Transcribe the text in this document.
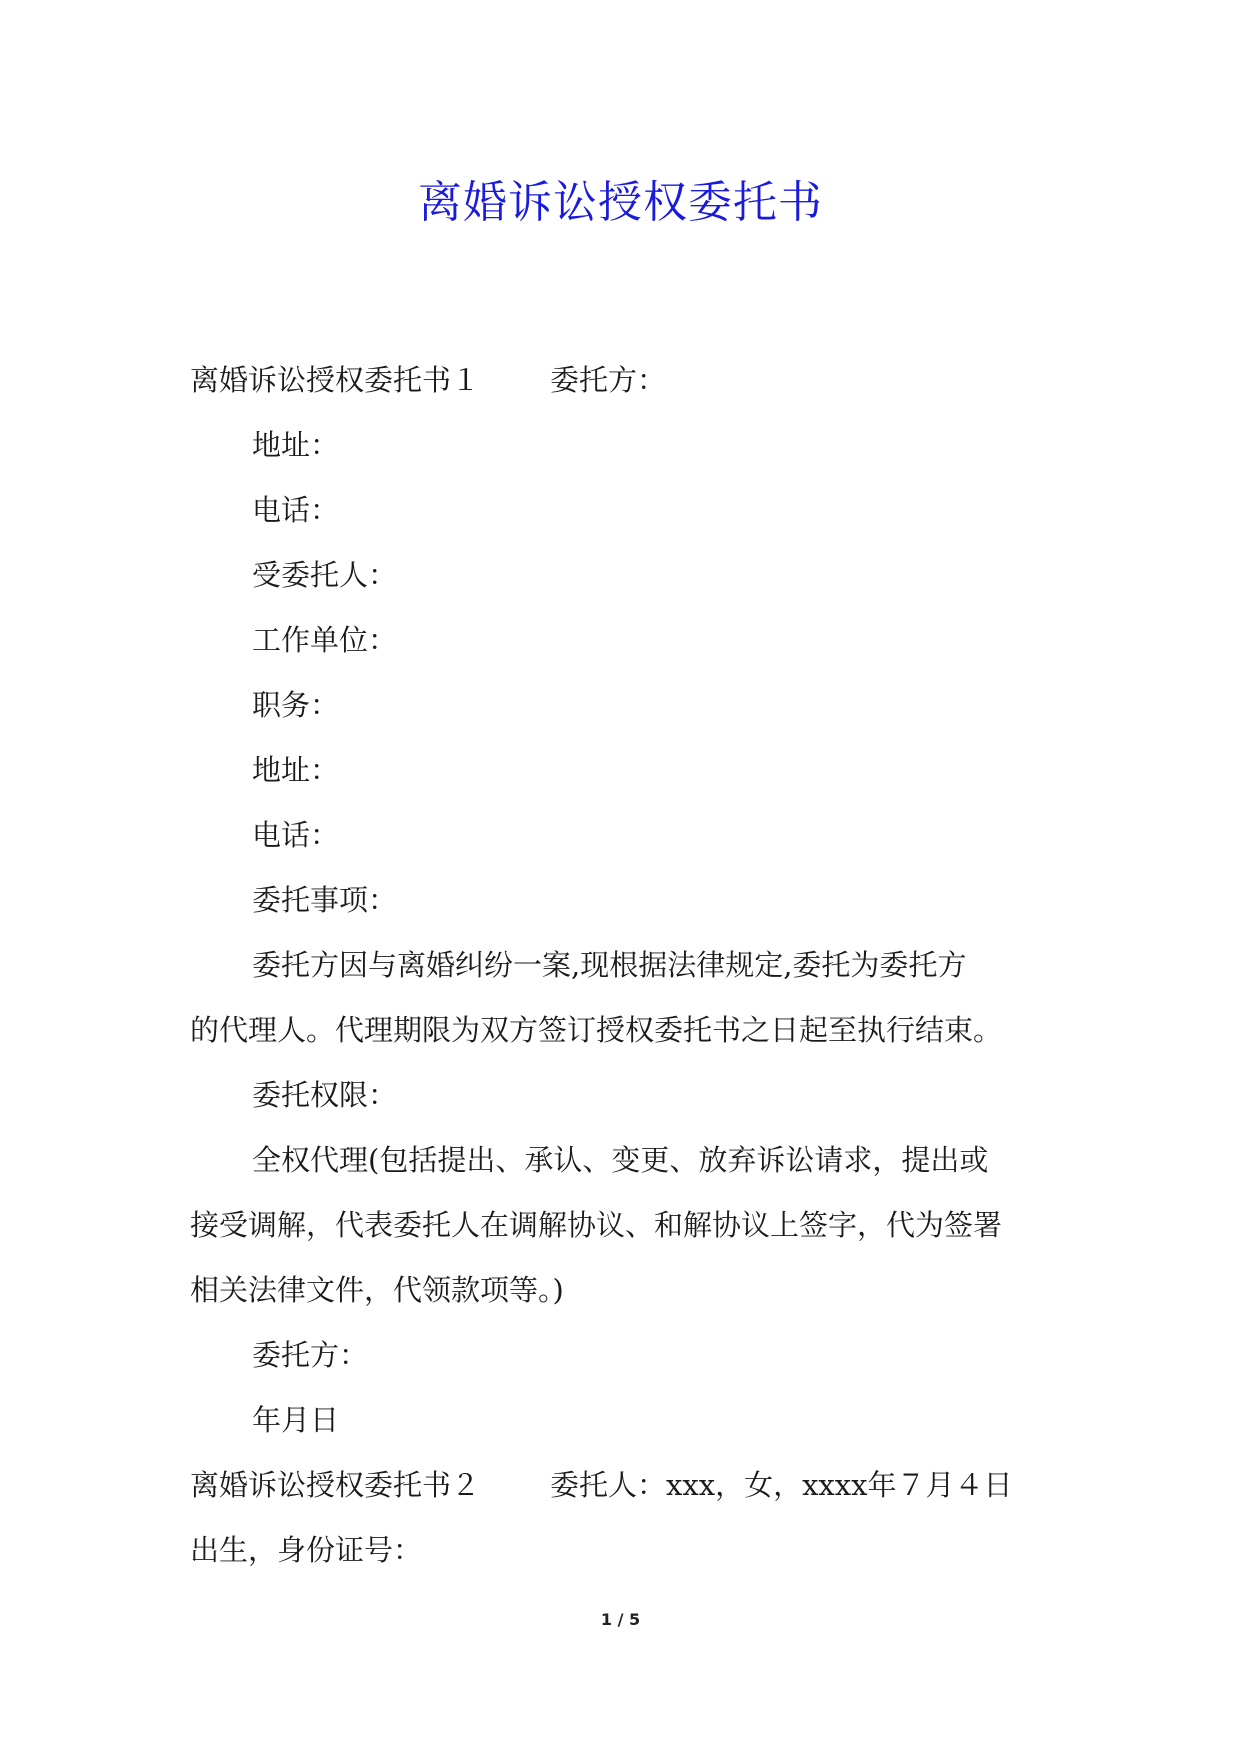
离婚诉讼授权委托书
离婚诉讼授权委托书１ 委托方：
地址：
电话：
受委托人：
工作单位：
职务：
地址：
电话：
委托事项：
委托方因与离婚纠纷一案,现根据法律规定,委托为委托方
的代理人。代理期限为双方签订授权委托书之日起至执行结束。
委托权限：
全权代理(包括提出、承认、变更、放弃诉讼请求，提出或
接受调解，代表委托人在调解协议、和解协议上签字，代为签署
相关法律文件，代领款项等。)
委托方：
年月日
离婚诉讼授权委托书２ 委托人：xxx，女，xxxx年７月４日
出生，身份证号：
1 / 5
